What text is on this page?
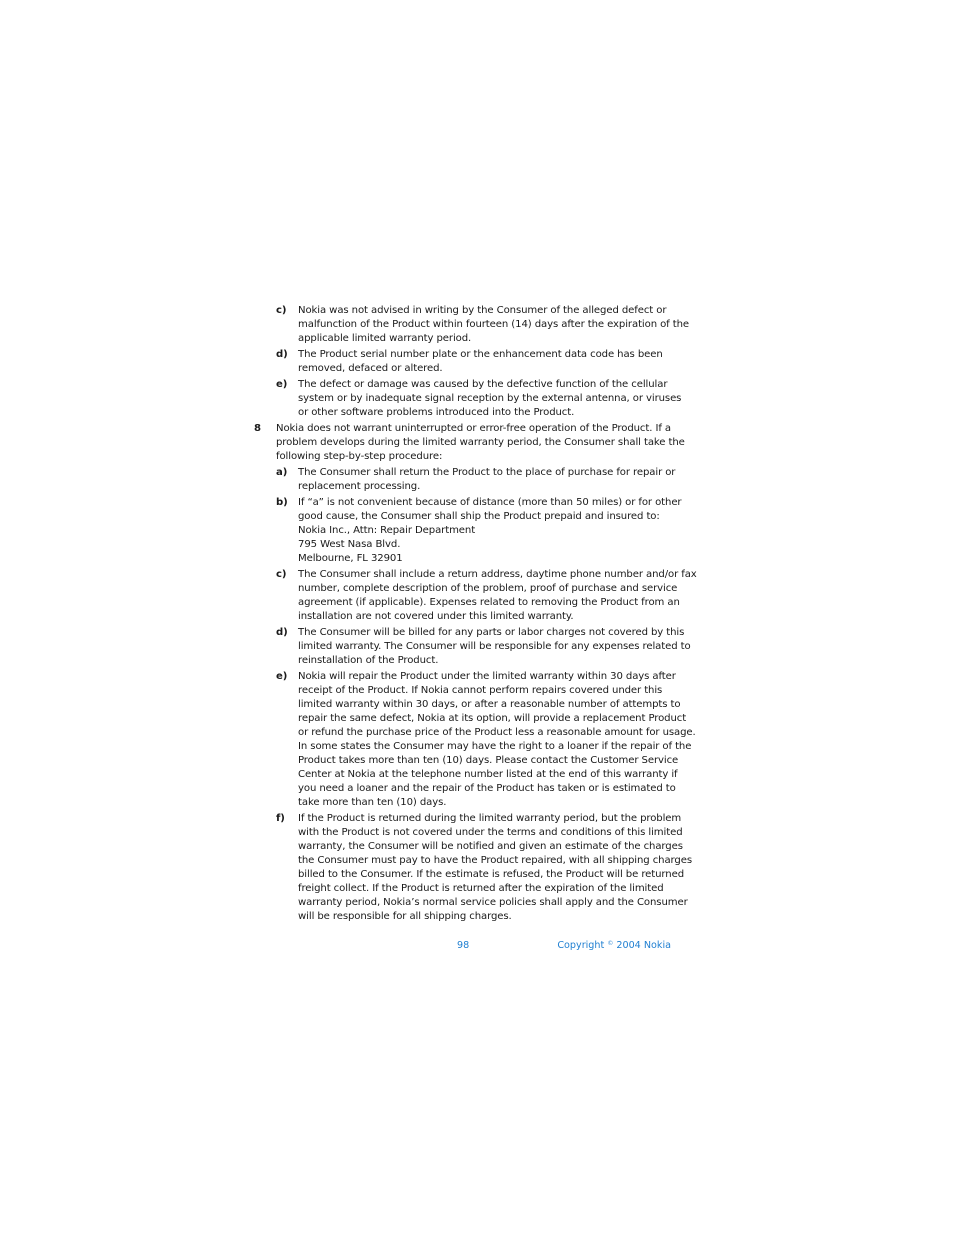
c) Nokia was not advised in writing by the Consumer of the alleged defect or
malfunction of the Product within fourteen (14) days after the expiration of the
applicable limited warranty period.
d) The Product serial number plate or the enhancement data code has been
removed, defaced or altered.
e) The defect or damage was caused by the defective function of the cellular
system or by inadequate signal reception by the external antenna, or viruses
or other software problems introduced into the Product.
8 Nokia does not warrant uninterrupted or error-free operation of the Product. If a
problem develops during the limited warranty period, the Consumer shall take the
following step-by-step procedure:
a) The Consumer shall return the Product to the place of purchase for repair or
replacement processing.
b) If “a” is not convenient because of distance (more than 50 miles) or for other
good cause, the Consumer shall ship the Product prepaid and insured to:
Nokia Inc., Attn: Repair Department
795 West Nasa Blvd.
Melbourne, FL 32901
c) The Consumer shall include a return address, daytime phone number and/or fax
number, complete description of the problem, proof of purchase and service
agreement (if applicable). Expenses related to removing the Product from an
installation are not covered under this limited warranty.
d) The Consumer will be billed for any parts or labor charges not covered by this
limited warranty. The Consumer will be responsible for any expenses related to
reinstallation of the Product.
e) Nokia will repair the Product under the limited warranty within 30 days after
receipt of the Product. If Nokia cannot perform repairs covered under this
limited warranty within 30 days, or after a reasonable number of attempts to
repair the same defect, Nokia at its option, will provide a replacement Product
or refund the purchase price of the Product less a reasonable amount for usage.
In some states the Consumer may have the right to a loaner if the repair of the
Product takes more than ten (10) days. Please contact the Customer Service
Center at Nokia at the telephone number listed at the end of this warranty if
you need a loaner and the repair of the Product has taken or is estimated to
take more than ten (10) days.
f) If the Product is returned during the limited warranty period, but the problem
with the Product is not covered under the terms and conditions of this limited
warranty, the Consumer will be notified and given an estimate of the charges
the Consumer must pay to have the Product repaired, with all shipping charges
billed to the Consumer. If the estimate is refused, the Product will be returned
freight collect. If the Product is returned after the expiration of the limited
warranty period, Nokia’s normal service policies shall apply and the Consumer
will be responsible for all shipping charges.
98	Copyright © 2004 Nokia
